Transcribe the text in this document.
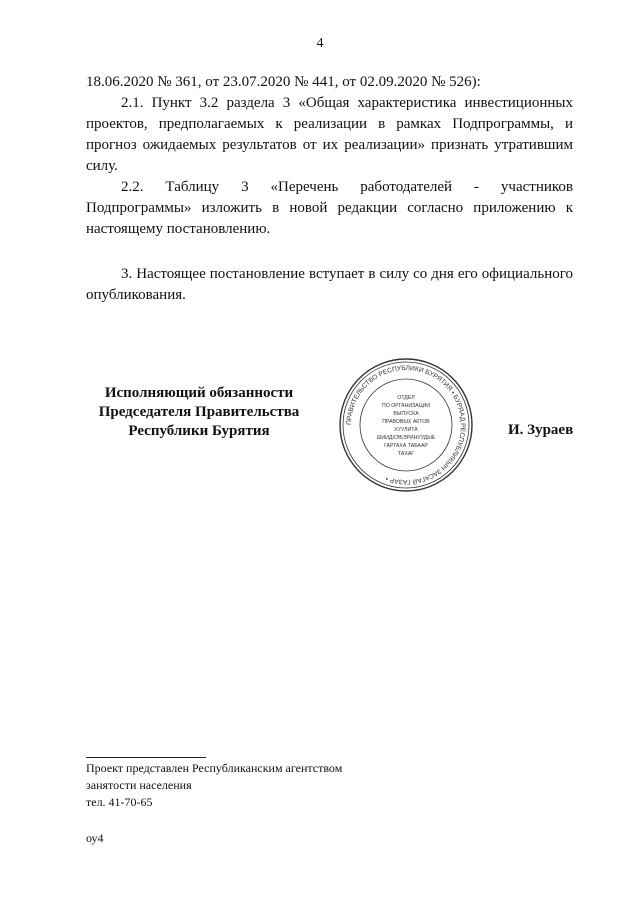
4

18.06.2020 № 361, от 23.07.2020 № 441, от 02.09.2020 № 526):

2.1. Пункт 3.2 раздела 3 «Общая характеристика инвестиционных проектов, предполагаемых к реализации в рамках Подпрограммы, и прогноз ожидаемых результатов от их реализации» признать утратившим силу.

2.2. Таблицу 3 «Перечень работодателей - участников Подпрограммы» изложить в новой редакции согласно приложению к настоящему постановлению.

3. Настоящее постановление вступает в силу со дня его официального опубликования.

Исполняющий обязанности
Председателя Правительства
Республики Бурятия
ПРАВИТЕЛЬСТВО РЕСПУБЛИКИ БУРЯТИЯ • БУРЯАД РЕСПУБЛИКЫН ЗАСАГАЙ ГАЗАР •
ОТДЕЛ
ПО ОРГАНИЗАЦИИ
ВЫПУСКА
ПРАВОВЫХ АКТОВ
ХУУЛИТА
ШИИДХЭБЭРИНУУДЫЕ
ГАРГАХА ТАБААР
ТАХАГ
И. Зураев
Проект представлен Республиканским агентством
занятости населения
тел. 41-70-65
оу4
